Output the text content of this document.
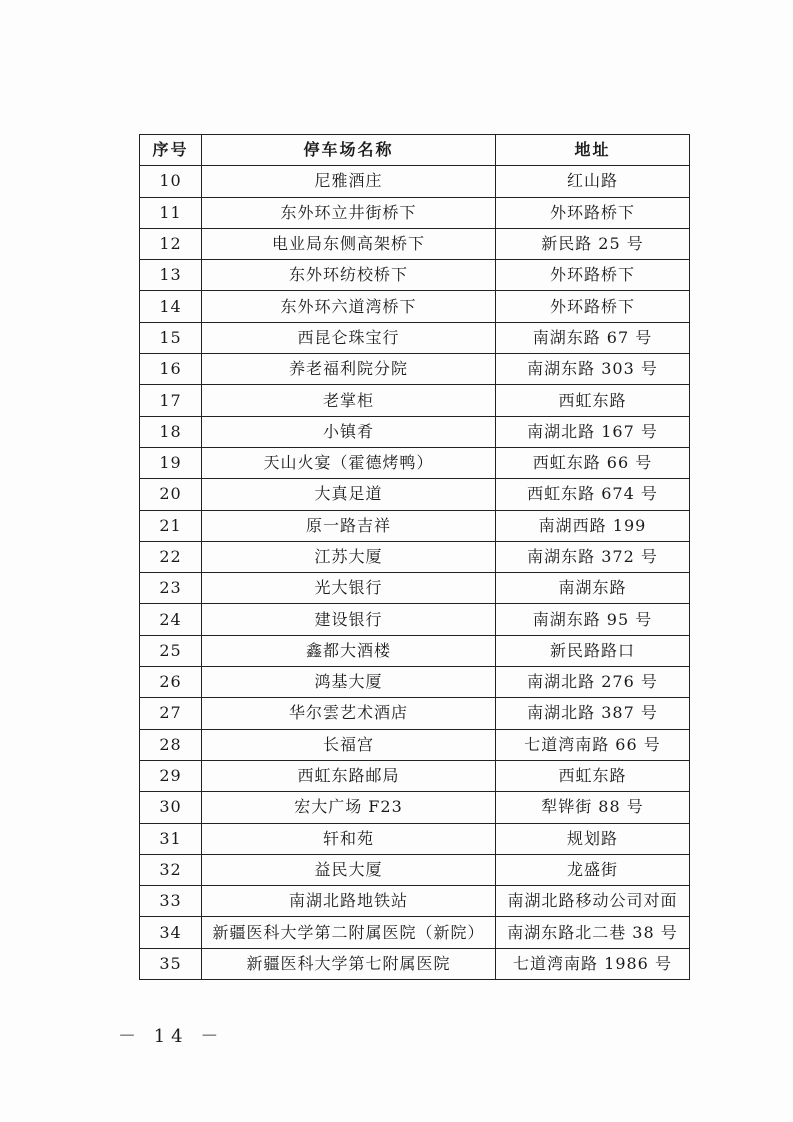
序号	停车场名称	地址
10	尼雅酒庄	红山路
11	东外环立井街桥下	外环路桥下
12	电业局东侧高架桥下	新民路 25 号
13	东外环纺校桥下	外环路桥下
14	东外环六道湾桥下	外环路桥下
15	西昆仑珠宝行	南湖东路 67 号
16	养老福利院分院	南湖东路 303 号
17	老掌柜	西虹东路
18	小镇肴	南湖北路 167 号
19	天山火宴（霍德烤鸭）	西虹东路 66 号
20	大真足道	西虹东路 674 号
21	原一路吉祥	南湖西路 199
22	江苏大厦	南湖东路 372 号
23	光大银行	南湖东路
24	建设银行	南湖东路 95 号
25	鑫都大酒楼	新民路路口
26	鸿基大厦	南湖北路 276 号
27	华尔雲艺术酒店	南湖北路 387 号
28	长福宫	七道湾南路 66 号
29	西虹东路邮局	西虹东路
30	宏大广场 F23	犁铧街 88 号
31	轩和苑	规划路
32	益民大厦	龙盛街
33	南湖北路地铁站	南湖北路移动公司对面
34	新疆医科大学第二附属医院（新院）	南湖东路北二巷 38 号
35	新疆医科大学第七附属医院	七道湾南路 1986 号
－ 14 －
